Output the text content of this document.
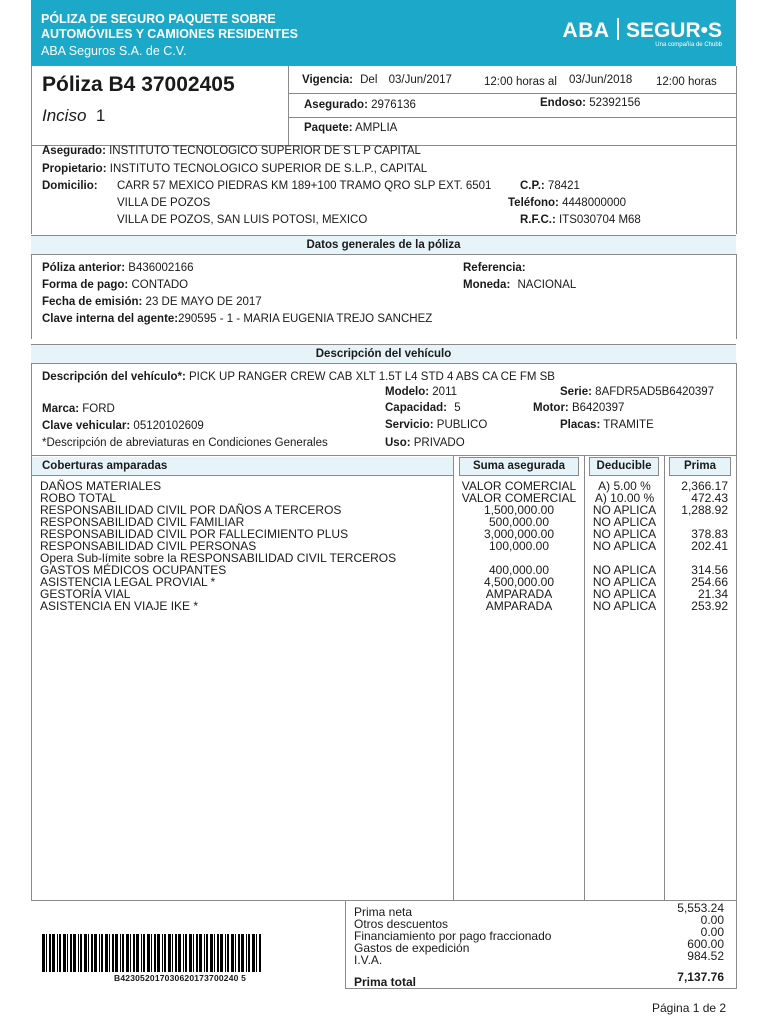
PÓLIZA DE SEGURO PAQUETE SOBRE
AUTOMÓVILES Y CAMIONES RESIDENTES
ABA Seguros S.A. de C.V.
ABA SEGUR•S
Una compañía de Chubb
Póliza B4 37002405
Inciso 1
Vigencia: Del 03/Jun/2017	12:00 horas al 03/Jun/2018 12:00 horas
Asegurado: 2976136	Endoso: 52392156
Paquete: AMPLIA
Asegurado: INSTITUTO TECNOLOGICO SUPERIOR DE S L P CAPITAL
Propietario: INSTITUTO TECNOLOGICO SUPERIOR DE S.L.P., CAPITAL
Domicilio: CARR 57 MEXICO PIEDRAS KM 189+100 TRAMO QRO SLP EXT. 6501
VILLA DE POZOS
VILLA DE POZOS, SAN LUIS POTOSI, MEXICO
C.P.: 78421
Teléfono: 4448000000
R.F.C.: ITS030704 M68
Datos generales de la póliza
Póliza anterior: B436002166
Forma de pago: CONTADO
Fecha de emisión: 23 DE MAYO DE 2017
Clave interna del agente:290595 - 1 - MARIA EUGENIA TREJO SANCHEZ
Referencia:
Moneda: NACIONAL
Descripción del vehículo
Descripción del vehículo*: PICK UP RANGER CREW CAB XLT 1.5T L4 STD 4 ABS CA CE FM SB
Modelo: 2011	Serie: 8AFDR5AD5B6420397
Marca: FORD	Capacidad: 5	Motor: B6420397
Clave vehicular: 05120102609	Servicio: PUBLICO	Placas: TRAMITE
*Descripción de abreviaturas en Condiciones Generales	Uso: PRIVADO
Coberturas amparadas	Suma asegurada	Deducible	Prima
DAÑOS MATERIALES	VALOR COMERCIAL	A) 5.00 %	2,366.17
ROBO TOTAL	VALOR COMERCIAL	A) 10.00 %	472.43
RESPONSABILIDAD CIVIL POR DAÑOS A TERCEROS	1,500,000.00	NO APLICA	1,288.92
RESPONSABILIDAD CIVIL FAMILIAR	500,000.00	NO APLICA
RESPONSABILIDAD CIVIL POR FALLECIMIENTO PLUS	3,000,000.00	NO APLICA	378.83
RESPONSABILIDAD CIVIL PERSONAS	100,000.00	NO APLICA	202.41
Opera Sub-límite sobre la RESPONSABILIDAD CIVIL TERCEROS
GASTOS MÉDICOS OCUPANTES	400,000.00	NO APLICA	314.56
ASISTENCIA LEGAL PROVIAL *	4,500,000.00	NO APLICA	254.66
GESTORÍA VIAL	AMPARADA	NO APLICA	21.34
ASISTENCIA EN VIAJE IKE *	AMPARADA	NO APLICA	253.92
Prima neta	5,553.24
Otros descuentos	0.00
Financiamiento por pago fraccionado	0.00
Gastos de expedición	600.00
I.V.A.	984.52
Prima total	7,137.76
B423052017030620173700240 5
Página 1 de 2
